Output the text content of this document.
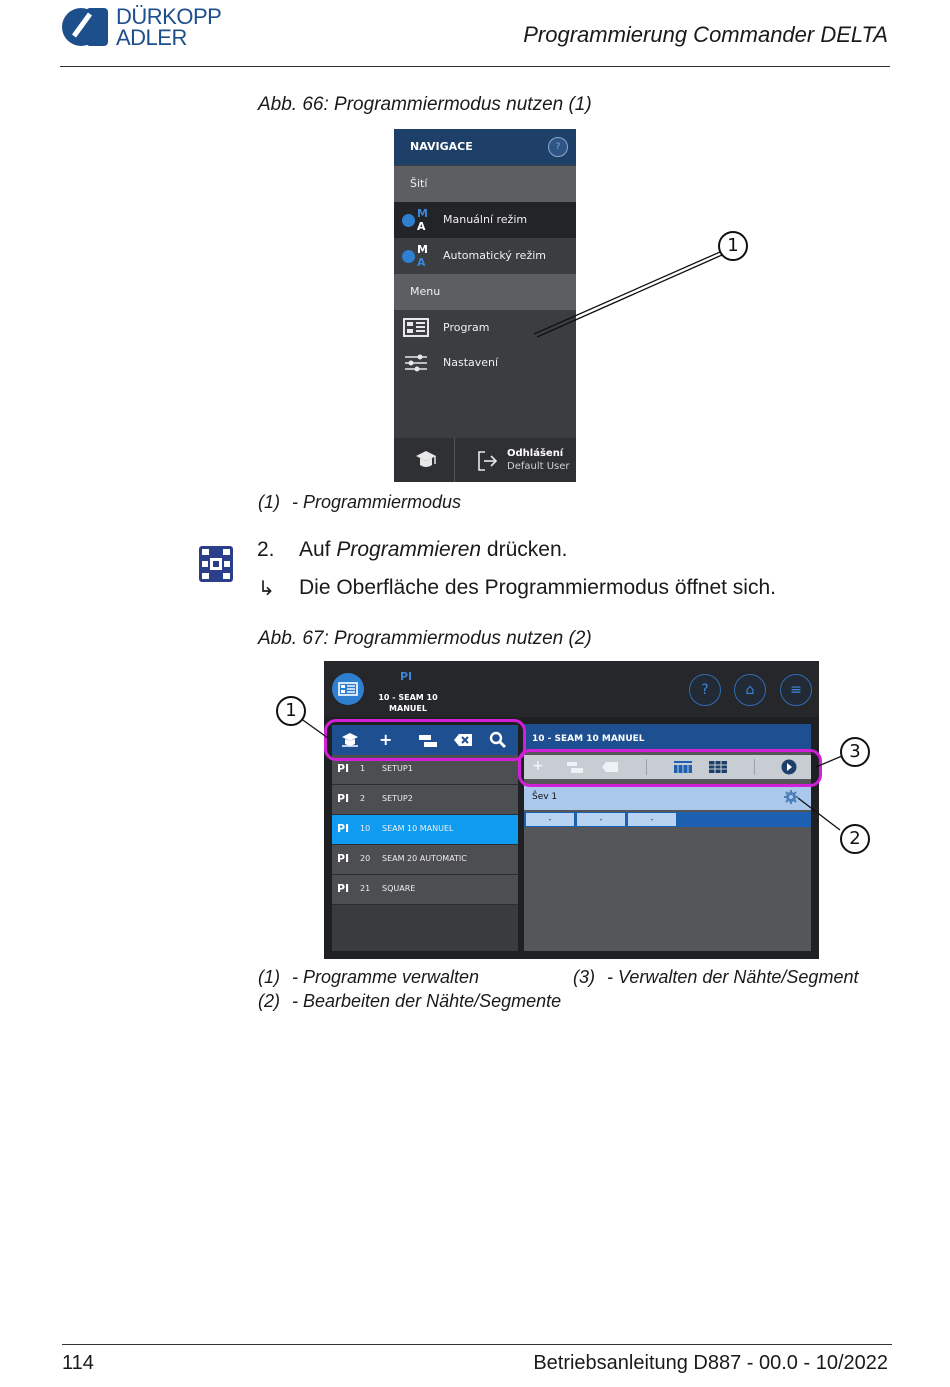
DÜRKOPP
ADLER	Programmierung Commander DELTA
Abb. 66: Programmiermodus nutzen (1)
NAVIGACE	?
Šití
M
A
Manuální režim
M
A
Automatický režim
Menu
Program
Nastavení
Odhlášení
Default User
1
(1) - Programmiermodus
2. Auf Programmieren drücken.
↳ Die Oberfläche des Programmiermodus öffnet sich.
Abb. 67: Programmiermodus nutzen (2)
PI
10 - SEAM 10
MANUEL
?	⌂	≡
+
PI 1 SETUP1
PI 2 SETUP2
PI 10 SEAM 10 MANUEL
PI 20 SEAM 20 AUTOMATIC
PI 21 SQUARE
10 - SEAM 10 MANUEL
+
Šev 1
-	-	-
1
2
3
(1) - Programme verwalten	(3) - Verwalten der Nähte/Segment
(2) - Bearbeiten der Nähte/Segmente
114	Betriebsanleitung D887 - 00.0 - 10/2022
